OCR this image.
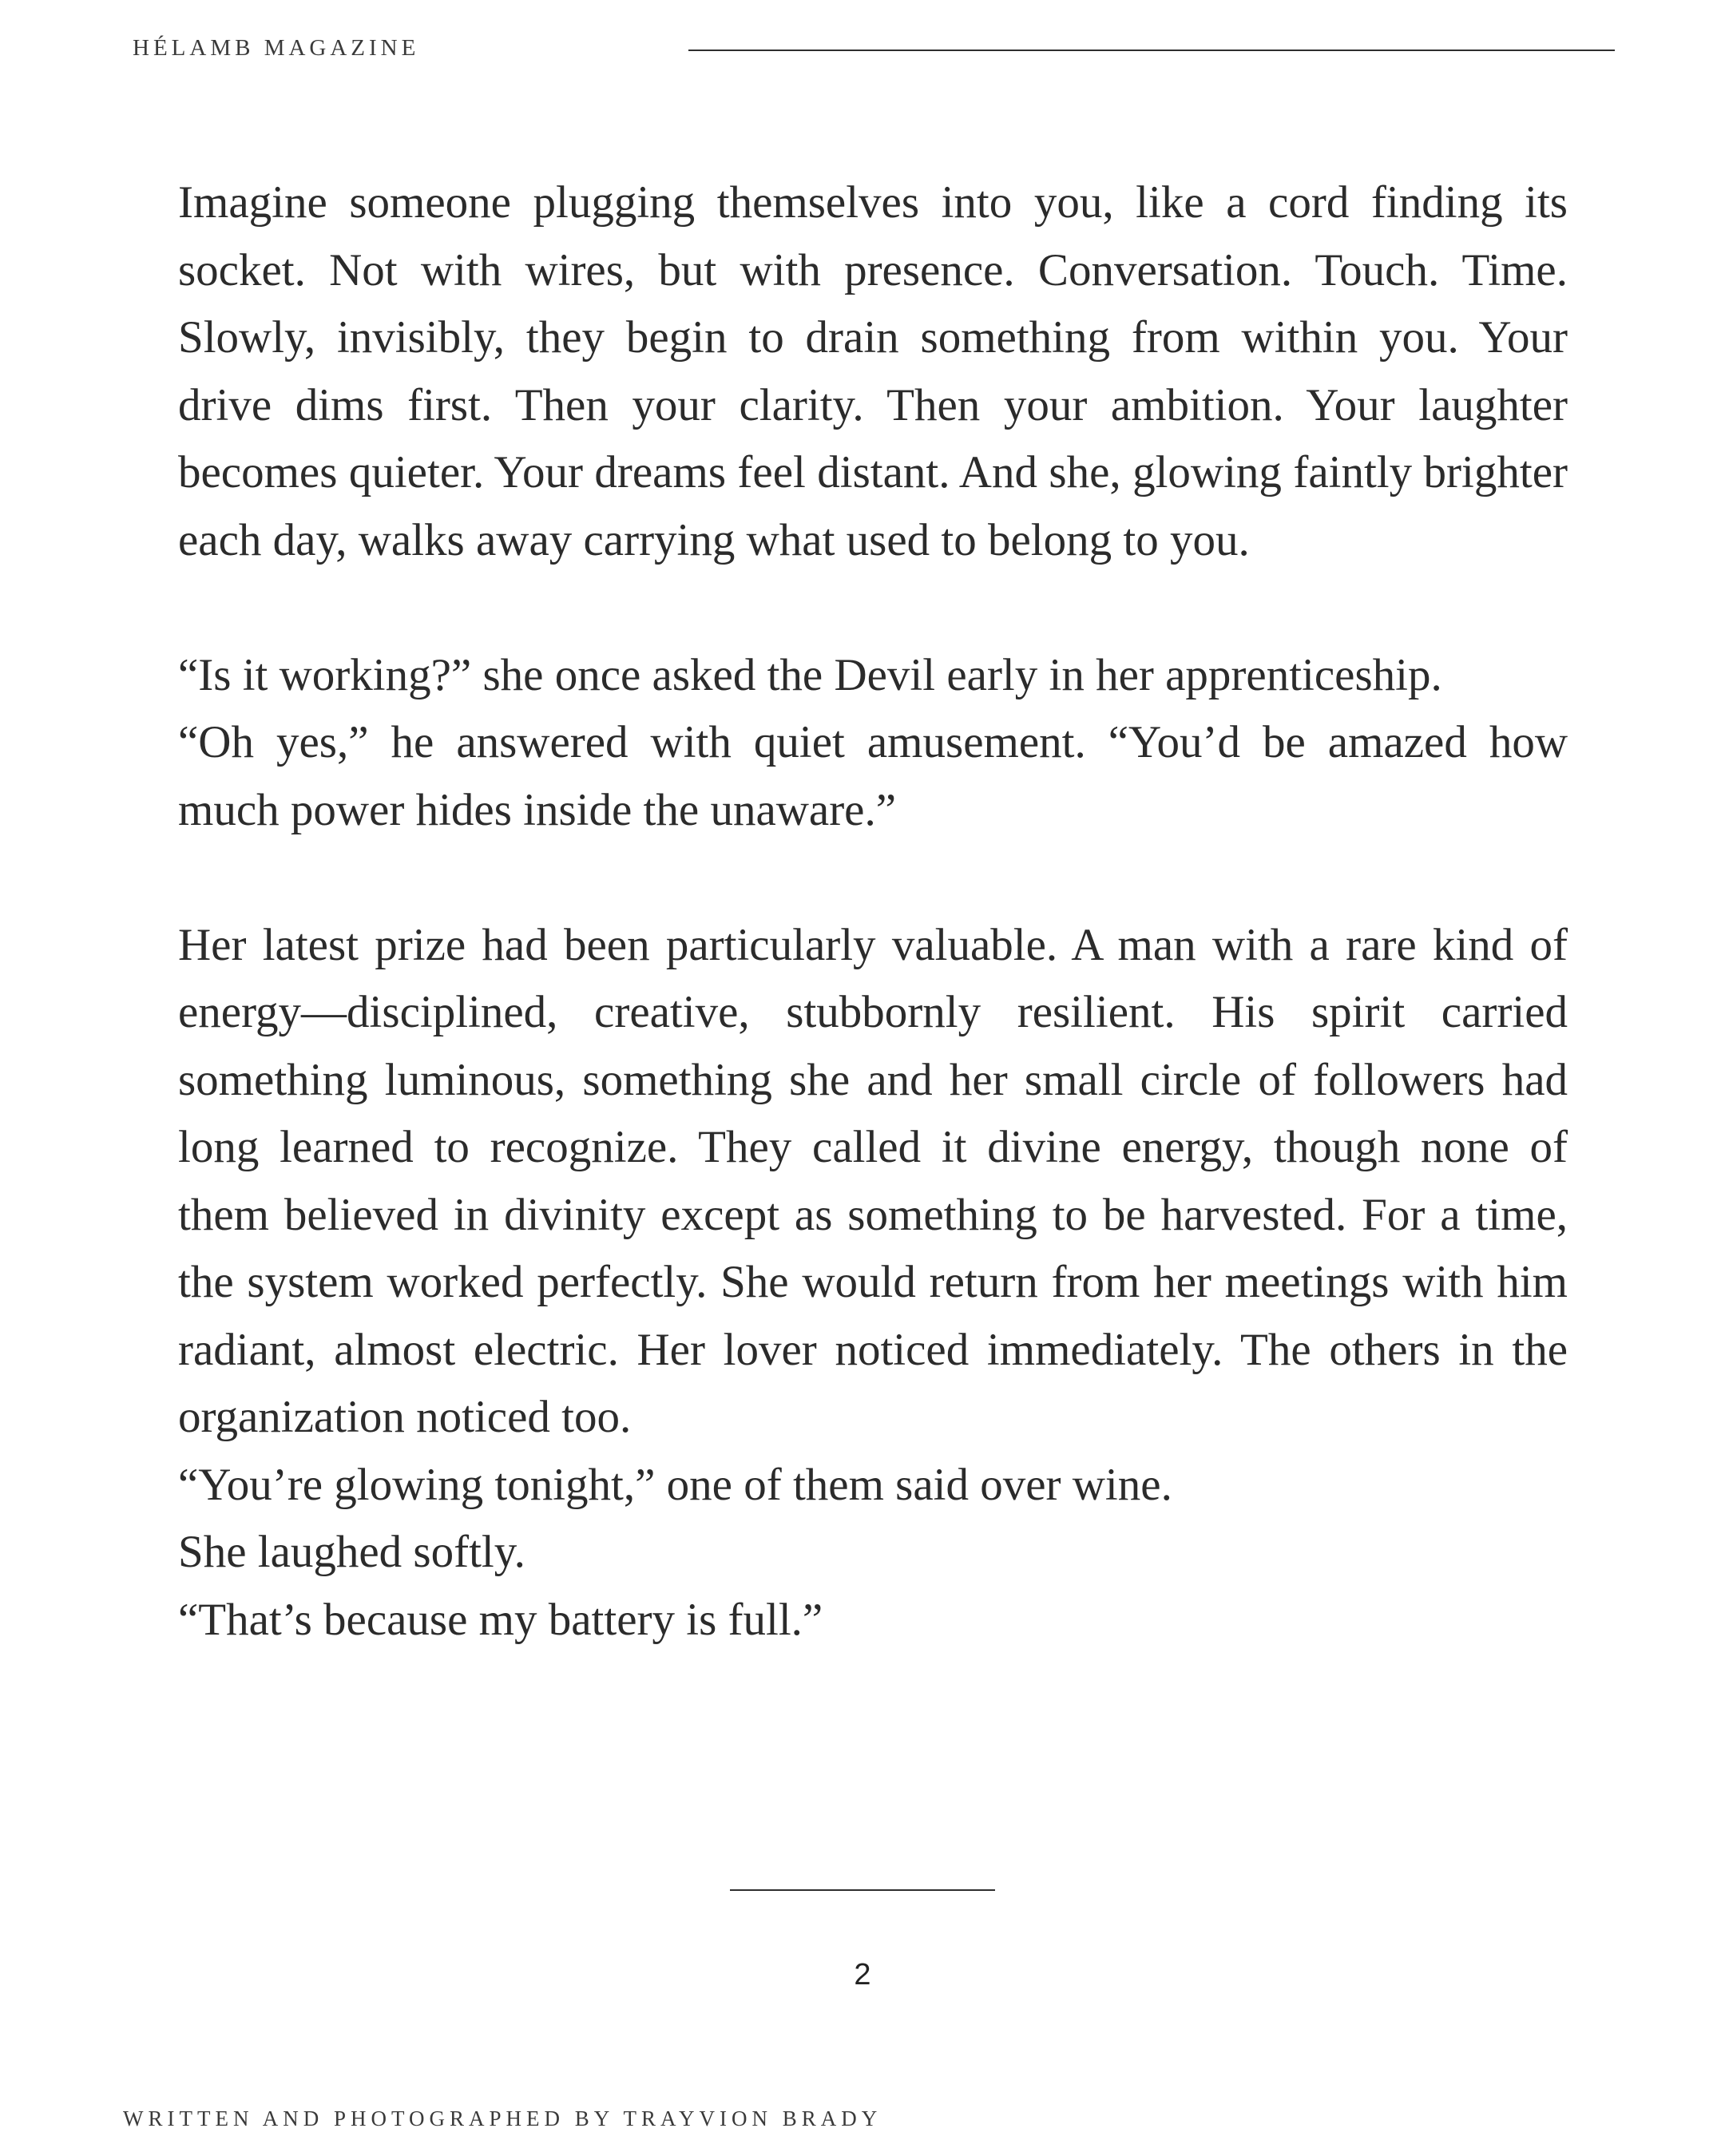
HÉLAMB MAGAZINE

Imagine someone plugging themselves into you, like a cord finding its socket. Not with wires, but with presence. Conversation. Touch. Time. Slowly, invisibly, they begin to drain something from within you. Your drive dims first. Then your clarity. Then your ambition. Your laughter becomes quieter. Your dreams feel distant. And she, glowing faintly brighter each day, walks away carrying what used to belong to you.

“Is it working?” she once asked the Devil early in her apprenticeship.

“Oh yes,” he answered with quiet amusement. “You’d be amazed how much power hides inside the unaware.”

Her latest prize had been particularly valuable. A man with a rare kind of energy—disciplined, creative, stubbornly resilient. His spirit carried something luminous, something she and her small circle of followers had long learned to recognize. They called it divine energy, though none of them believed in divinity except as something to be harvested. For a time, the system worked perfectly. She would return from her meetings with him radiant, almost electric. Her lover noticed immediately. The others in the organization noticed too.

“You’re glowing tonight,” one of them said over wine.

She laughed softly.

“That’s because my battery is full.”

2
WRITTEN AND PHOTOGRAPHED BY TRAYVION BRADY
